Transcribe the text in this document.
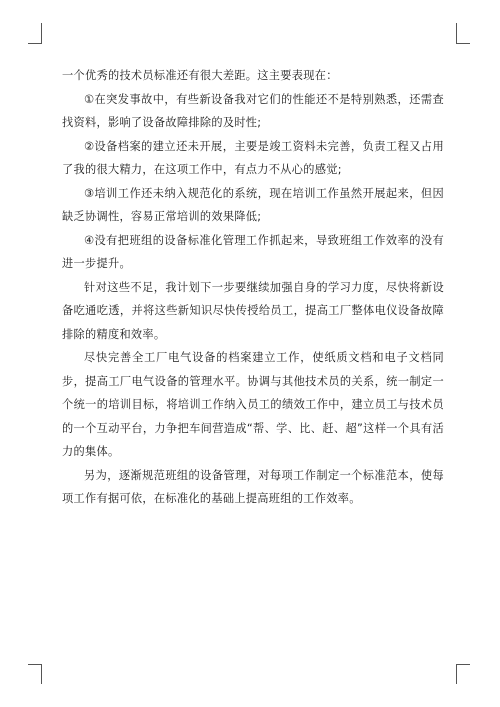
一个优秀的技术员标准还有很大差距。这主要表现在：

①在突发事故中，有些新设备我对它们的性能还不是特别熟悉，还需查找资料，影响了设备故障排除的及时性;

②设备档案的建立还未开展，主要是竣工资料未完善，负责工程又占用了我的很大精力，在这项工作中，有点力不从心的感觉;

③培训工作还未纳入规范化的系统，现在培训工作虽然开展起来，但因缺乏协调性，容易正常培训的效果降低;

④没有把班组的设备标准化管理工作抓起来，导致班组工作效率的没有进一步提升。

针对这些不足，我计划下一步要继续加强自身的学习力度，尽快将新设备吃通吃透，并将这些新知识尽快传授给员工，提高工厂整体电仪设备故障排除的精度和效率。

尽快完善全工厂电气设备的档案建立工作，使纸质文档和电子文档同步，提高工厂电气设备的管理水平。协调与其他技术员的关系，统一制定一个统一的培训目标，将培训工作纳入员工的绩效工作中，建立员工与技术员的一个互动平台，力争把车间营造成“帮、学、比、赶、超”这样一个具有活力的集体。

另为，逐渐规范班组的设备管理，对每项工作制定一个标准范本，使每项工作有据可依，在标准化的基础上提高班组的工作效率。
